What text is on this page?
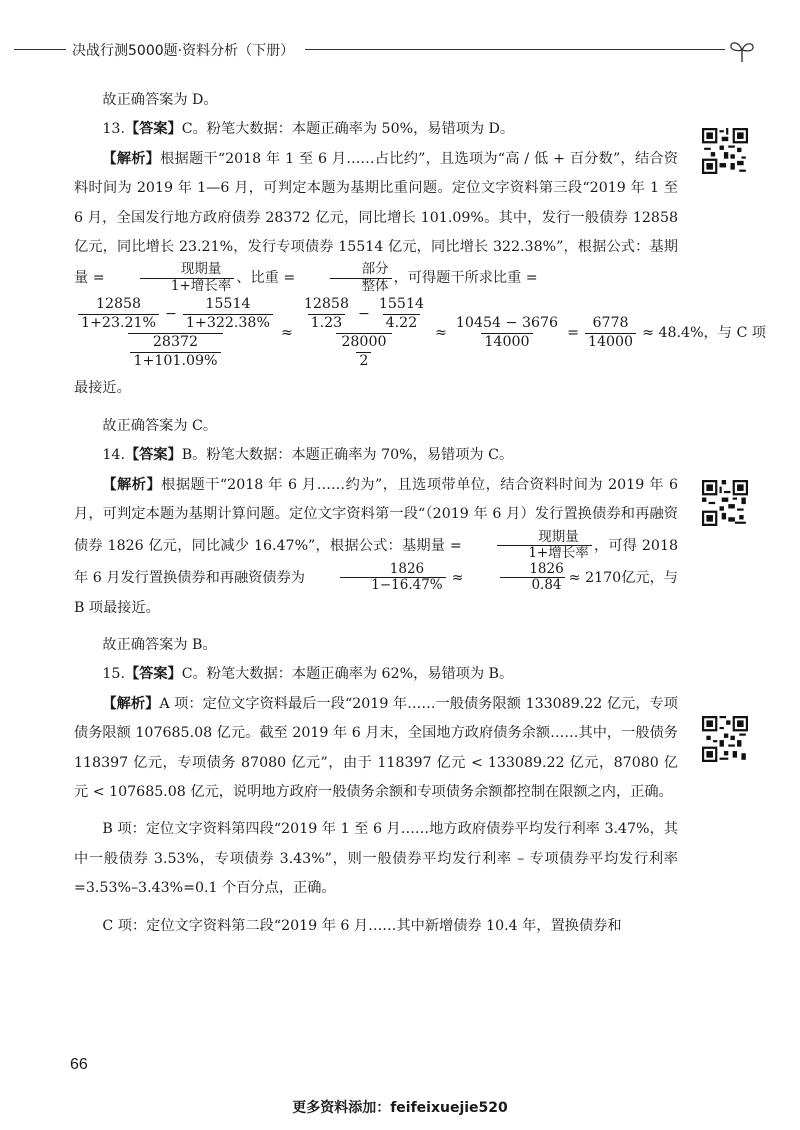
决战行测5000题·资料分析（下册）

故正确答案为 D。

13.【答案】C。粉笔大数据：本题正确率为 50%，易错项为 D。

【解析】根据题干“2018 年 1 至 6 月……占比约”，且选项为“高 / 低 + 百分数”，结合资料时间为 2019 年 1—6 月，可判定本题为基期比重问题。定位文字资料第三段“2019 年 1 至 6 月，全国发行地方政府债券 28372 亿元，同比增长 101.09%。其中，发行一般债券 12858 亿元，同比增长 23.21%，发行专项债券 15514 亿元，同比增长 322.38%”，根据公式：基期量 =	$\frac{\text{现期量}}{\text{1+增长率}}$ 、比重 =	$\frac{\text{部分}}{\text{整体}}$ ，可得题干所求比重 =

$\frac{\frac{12858}{1+23.21\%} - \frac{15514}{1+322.38\%}}{\frac{28372}{1+101.09\%}} \approx \frac{\frac{12858}{1.23} - \frac{15514}{4.22}}{\frac{28000}{2}} \approx \frac{10454 - 3676}{14000} = \frac{6778}{14000} \approx 48.4\%$，与 C 项

最接近。

故正确答案为 C。

14.【答案】B。粉笔大数据：本题正确率为 70%，易错项为 C。

【解析】根据题干“2018 年 6 月……约为”，且选项带单位，结合资料时间为 2019 年 6 月，可判定本题为基期计算问题。定位文字资料第一段“（2019 年 6 月）发行置换债券和再融资债券 1826 亿元，同比减少 16.47%”，根据公式：基期量 =	$\frac{\text{现期量}}{\text{1+增长率}}$ ，可得 2018 年 6 月发行置换债券和再融资债券为	$\frac{1826}{1-16.47\%}$ ≈	$\frac{1826}{0.84} \approx 2170$亿元，与 B 项最接近。

故正确答案为 B。

15.【答案】C。粉笔大数据：本题正确率为 62%，易错项为 B。

【解析】A 项：定位文字资料最后一段“2019 年……一般债务限额 133089.22 亿元，专项债务限额 107685.08 亿元。截至 2019 年 6 月末，全国地方政府债务余额……其中，一般债务 118397 亿元，专项债务 87080 亿元”，由于 118397 亿元 < 133089.22 亿元，87080 亿元 < 107685.08 亿元，说明地方政府一般债务余额和专项债务余额都控制在限额之内，正确。

B 项：定位文字资料第四段“2019 年 1 至 6 月……地方政府债券平均发行利率 3.47%，其中一般债券 3.53%，专项债券 3.43%”，则一般债券平均发行利率 – 专项债券平均发行利率 =3.53%–3.43%=0.1 个百分点，正确。

C 项：定位文字资料第二段“2019 年 6 月……其中新增债券 10.4 年，置换债券和

66
更多资料添加：feifeixuejie520
